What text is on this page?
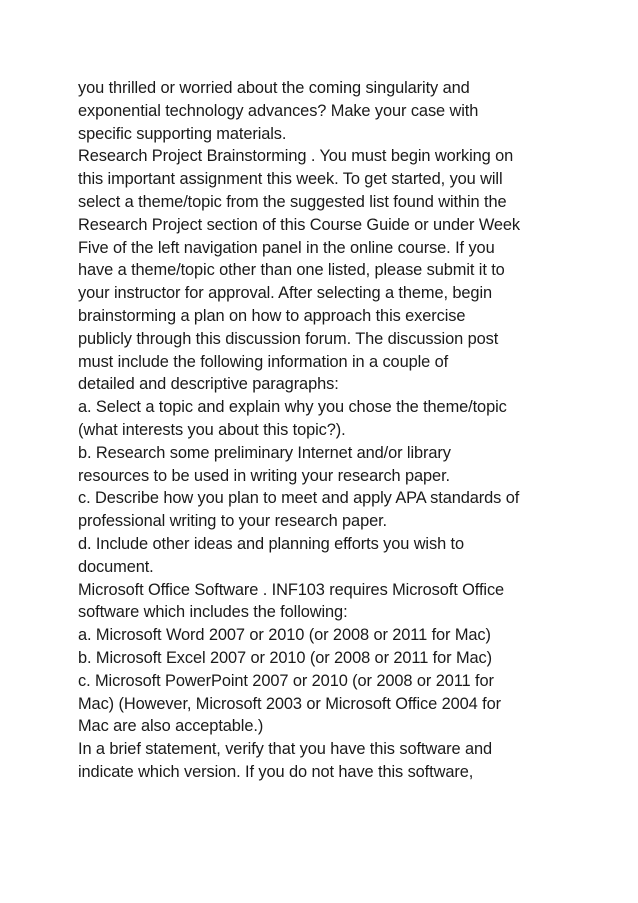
you thrilled or worried about the coming singularity and
exponential technology advances? Make your case with
specific supporting materials.
Research Project Brainstorming . You must begin working on
this important assignment this week. To get started, you will
select a theme/topic from the suggested list found within the
Research Project section of this Course Guide or under Week
Five of the left navigation panel in the online course. If you
have a theme/topic other than one listed, please submit it to
your instructor for approval. After selecting a theme, begin
brainstorming a plan on how to approach this exercise
publicly through this discussion forum. The discussion post
must include the following information in a couple of
detailed and descriptive paragraphs:
a. Select a topic and explain why you chose the theme/topic
(what interests you about this topic?).
b. Research some preliminary Internet and/or library
resources to be used in writing your research paper.
c. Describe how you plan to meet and apply APA standards of
professional writing to your research paper.
d. Include other ideas and planning efforts you wish to
document.
Microsoft Office Software . INF103 requires Microsoft Office
software which includes the following:
a. Microsoft Word 2007 or 2010 (or 2008 or 2011 for Mac)
b. Microsoft Excel 2007 or 2010 (or 2008 or 2011 for Mac)
c. Microsoft PowerPoint 2007 or 2010 (or 2008 or 2011 for
Mac) (However, Microsoft 2003 or Microsoft Office 2004 for
Mac are also acceptable.)
In a brief statement, verify that you have this software and
indicate which version. If you do not have this software,
